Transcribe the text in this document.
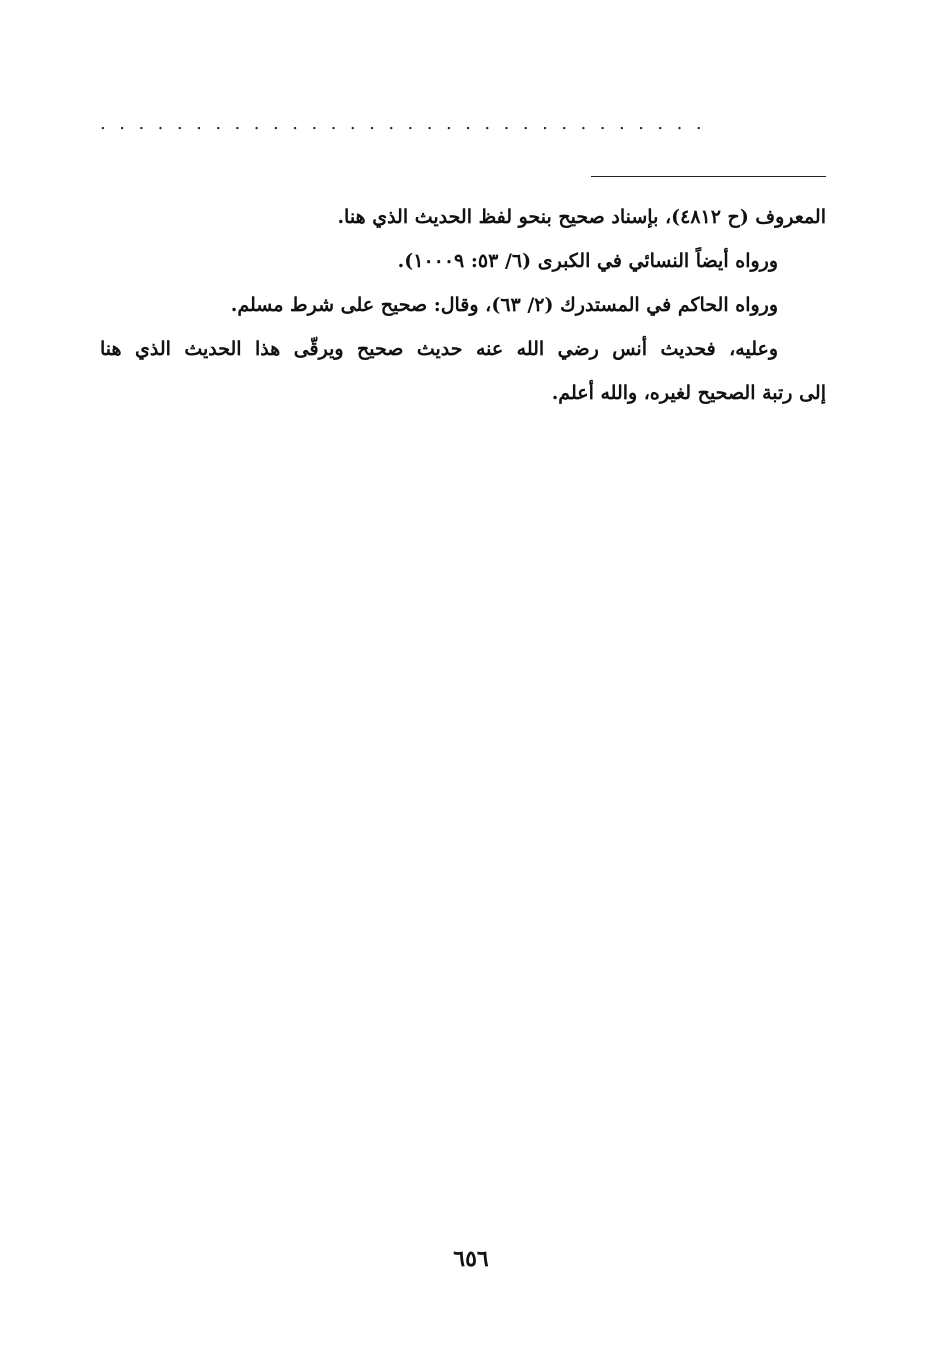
................................

المعروف (ح ٤٨١٢)، بإسناد صحيح بنحو لفظ الحديث الذي هنا.

ورواه أيضاً النسائي في الكبرى (٦/ ٥٣: ١٠٠٠٩).

ورواه الحاكم في المستدرك (٢/ ٦٣)، وقال: صحيح على شرط مسلم.

وعليه، فحديث أنس رضي الله عنه حديث صحيح ويرقّى هذا الحديث الذي هنا

إلى رتبة الصحيح لغيره، والله أعلم.

٦٥٦
